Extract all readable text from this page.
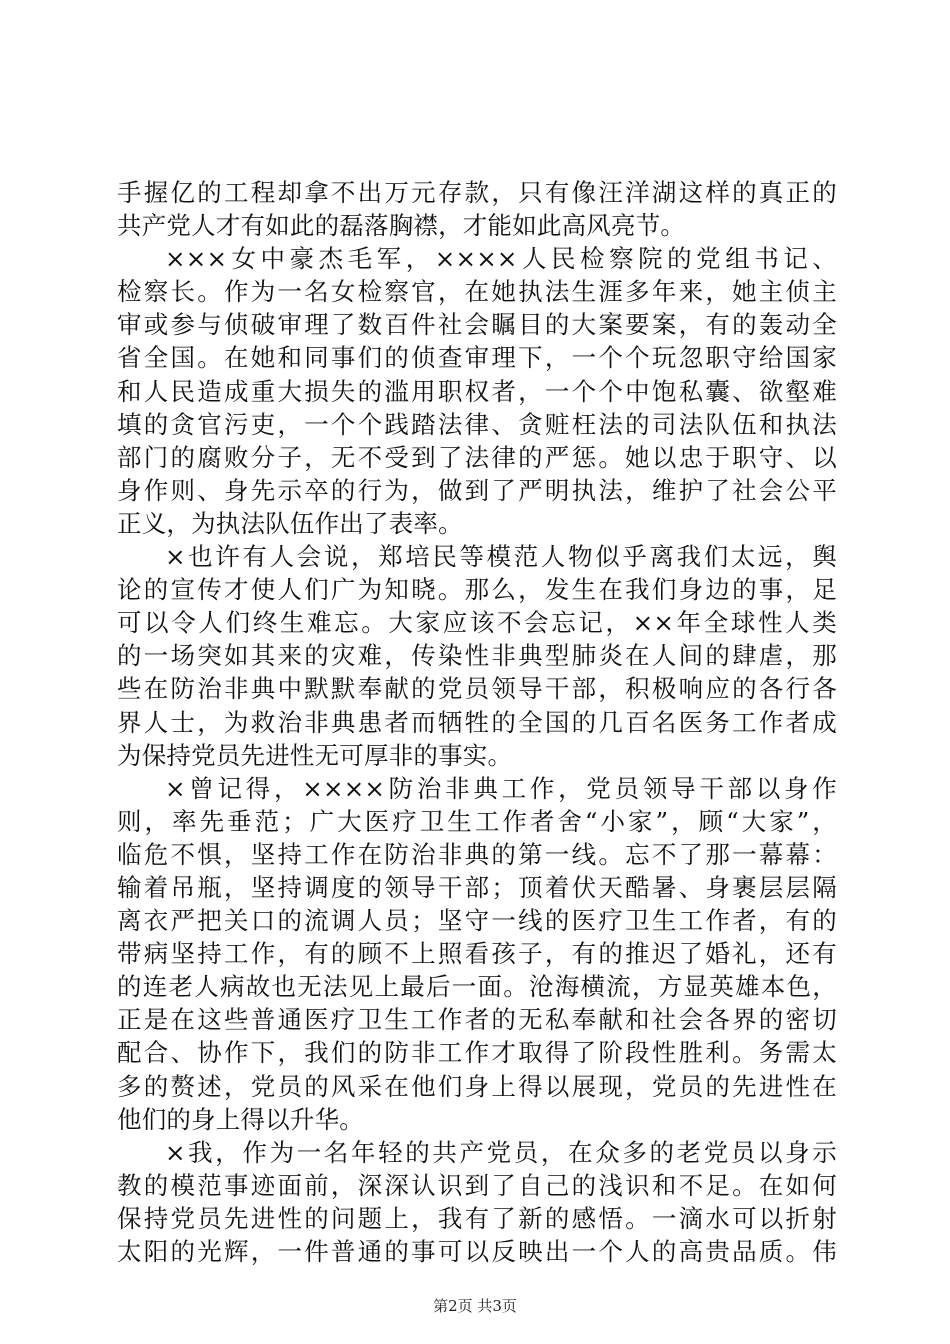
手握亿的工程却拿不出万元存款，只有像汪洋湖这样的真正的
共产党人才有如此的磊落胸襟，才能如此高风亮节。
×××女中豪杰毛军，××××人民检察院的党组书记、
检察长。作为一名女检察官，在她执法生涯多年来，她主侦主
审或参与侦破审理了数百件社会瞩目的大案要案，有的轰动全
省全国。在她和同事们的侦查审理下，一个个玩忽职守给国家
和人民造成重大损失的滥用职权者，一个个中饱私囊、欲壑难
填的贪官污吏，一个个践踏法律、贪赃枉法的司法队伍和执法
部门的腐败分子，无不受到了法律的严惩。她以忠于职守、以
身作则、身先示卒的行为，做到了严明执法，维护了社会公平
正义，为执法队伍作出了表率。
×也许有人会说，郑培民等模范人物似乎离我们太远，舆
论的宣传才使人们广为知晓。那么，发生在我们身边的事，足
可以令人们终生难忘。大家应该不会忘记，××年全球性人类
的一场突如其来的灾难，传染性非典型肺炎在人间的肆虐，那
些在防治非典中默默奉献的党员领导干部，积极响应的各行各
界人士，为救治非典患者而牺牲的全国的几百名医务工作者成
为保持党员先进性无可厚非的事实。
×曾记得，××××防治非典工作，党员领导干部以身作
则，率先垂范；广大医疗卫生工作者舍“小家”，顾“大家”，
临危不惧，坚持工作在防治非典的第一线。忘不了那一幕幕：
输着吊瓶，坚持调度的领导干部；顶着伏天酷暑、身裹层层隔
离衣严把关口的流调人员；坚守一线的医疗卫生工作者，有的
带病坚持工作，有的顾不上照看孩子，有的推迟了婚礼，还有
的连老人病故也无法见上最后一面。沧海横流，方显英雄本色，
正是在这些普通医疗卫生工作者的无私奉献和社会各界的密切
配合、协作下，我们的防非工作才取得了阶段性胜利。务需太
多的赘述，党员的风采在他们身上得以展现，党员的先进性在
他们的身上得以升华。
×我，作为一名年轻的共产党员，在众多的老党员以身示
教的模范事迹面前，深深认识到了自己的浅识和不足。在如何
保持党员先进性的问题上，我有了新的感悟。一滴水可以折射
太阳的光辉，一件普通的事可以反映出一个人的高贵品质。伟
第2页 共3页
